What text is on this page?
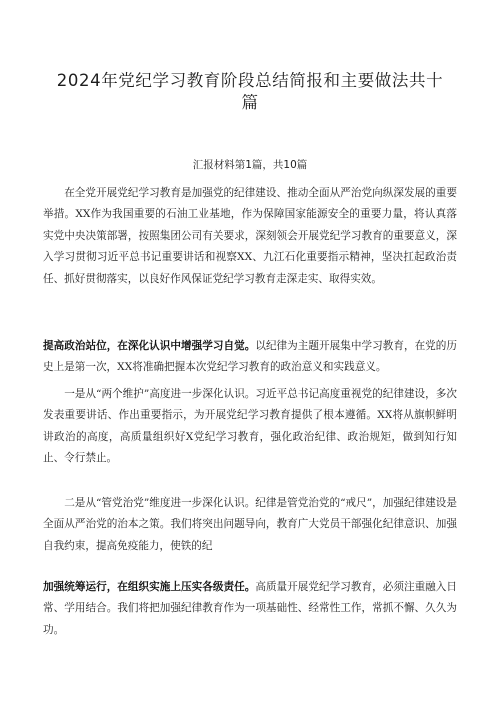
2024年党纪学习教育阶段总结简报和主要做法共十篇
汇报材料第1篇，共10篇

在全党开展党纪学习教育是加强党的纪律建设、推动全面从严治党向纵深发展的重要举措。XX作为我国重要的石油工业基地，作为保障国家能源安全的重要力量，将认真落实党中央决策部署，按照集团公司有关要求，深刻领会开展党纪学习教育的重要意义，深入学习贯彻习近平总书记重要讲话和视察XX、九江石化重要指示精神，坚决扛起政治责任、抓好贯彻落实，以良好作风保证党纪学习教育走深走实、取得实效。

提高政治站位，在深化认识中增强学习自觉。以纪律为主题开展集中学习教育，在党的历史上是第一次，XX将准确把握本次党纪学习教育的政治意义和实践意义。

一是从“两个维护”高度进一步深化认识。习近平总书记高度重视党的纪律建设，多次发表重要讲话、作出重要指示，为开展党纪学习教育提供了根本遵循。XX将从旗帜鲜明讲政治的高度，高质量组织好X党纪学习教育，强化政治纪律、政治规矩，做到知行知止、令行禁止。

二是从“管党治党”维度进一步深化认识。纪律是管党治党的“戒尺”，加强纪律建设是全面从严治党的治本之策。我们将突出问题导向，教育广大党员干部强化纪律意识、加强自我约束，提高免疫能力，使铁的纪

加强统筹运行，在组织实施上压实各级责任。高质量开展党纪学习教育，必须注重融入日常、学用结合。我们将把加强纪律教育作为一项基础性、经常性工作，常抓不懈、久久为功。
